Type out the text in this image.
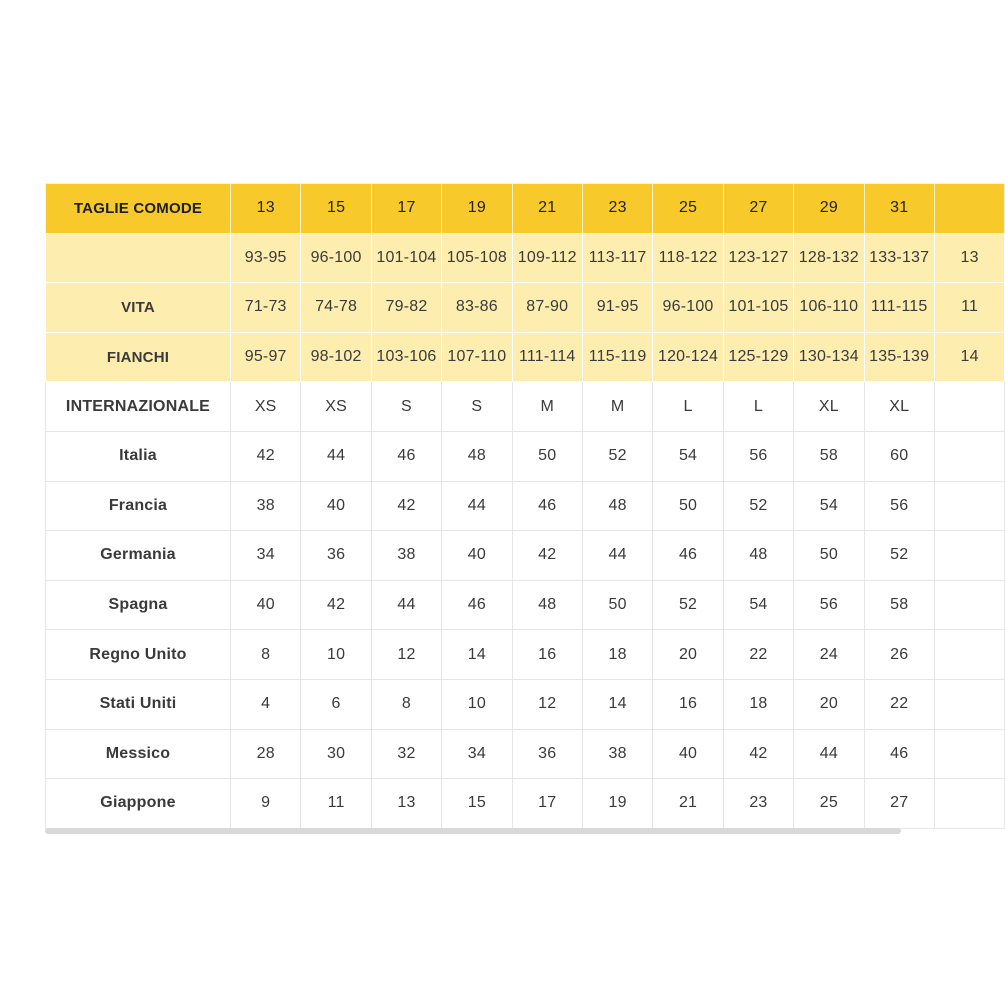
TAGLIE COMODE	13	15	17	19	21	23	25	27	29	31	
	93-95	96-100	101-104	105-108	109-112	113-117	118-122	123-127	128-132	133-137	13
VITA	71-73	74-78	79-82	83-86	87-90	91-95	96-100	101-105	106-110	111-115	11
FIANCHI	95-97	98-102	103-106	107-110	111-114	115-119	120-124	125-129	130-134	135-139	14
INTERNAZIONALE	XS	XS	S	S	M	M	L	L	XL	XL	
Italia	42	44	46	48	50	52	54	56	58	60	
Francia	38	40	42	44	46	48	50	52	54	56	
Germania	34	36	38	40	42	44	46	48	50	52	
Spagna	40	42	44	46	48	50	52	54	56	58	
Regno Unito	8	10	12	14	16	18	20	22	24	26	
Stati Uniti	4	6	8	10	12	14	16	18	20	22	
Messico	28	30	32	34	36	38	40	42	44	46	
Giappone	9	11	13	15	17	19	21	23	25	27	
